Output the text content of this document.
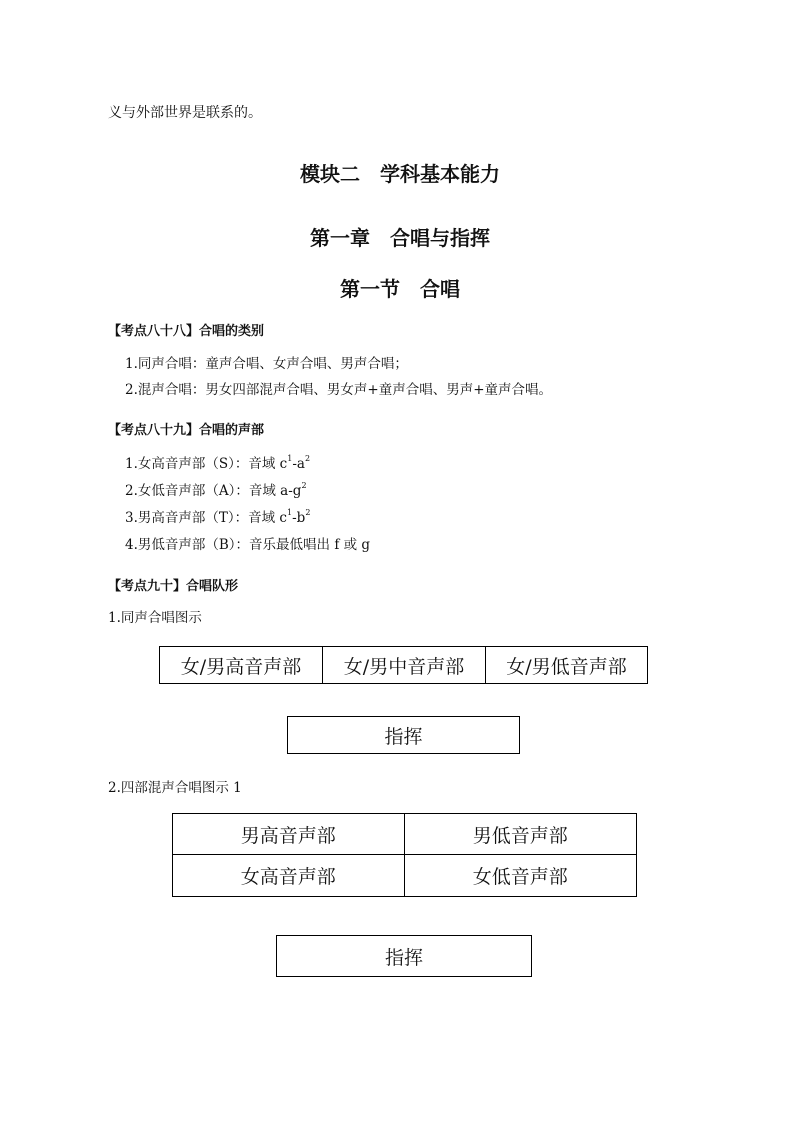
义与外部世界是联系的。
模块二　学科基本能力
第一章　合唱与指挥
第一节　合唱
【考点八十八】合唱的类别
1.同声合唱：童声合唱、女声合唱、男声合唱；
2.混声合唱：男女四部混声合唱、男女声+童声合唱、男声+童声合唱。
【考点八十九】合唱的声部
1.女高音声部（S）：音域 $c^1-a^2$
2.女低音声部（A）：音域 $a-g^2$
3.男高音声部（T）：音域 $c^1-b^2$
4.男低音声部（B）：音乐最低唱出 f 或 g
【考点九十】合唱队形
1.同声合唱图示
女/男高音声部	女/男中音声部	女/男低音声部
指挥
2.四部混声合唱图示 1
男高音声部	男低音声部
女高音声部	女低音声部
指挥
